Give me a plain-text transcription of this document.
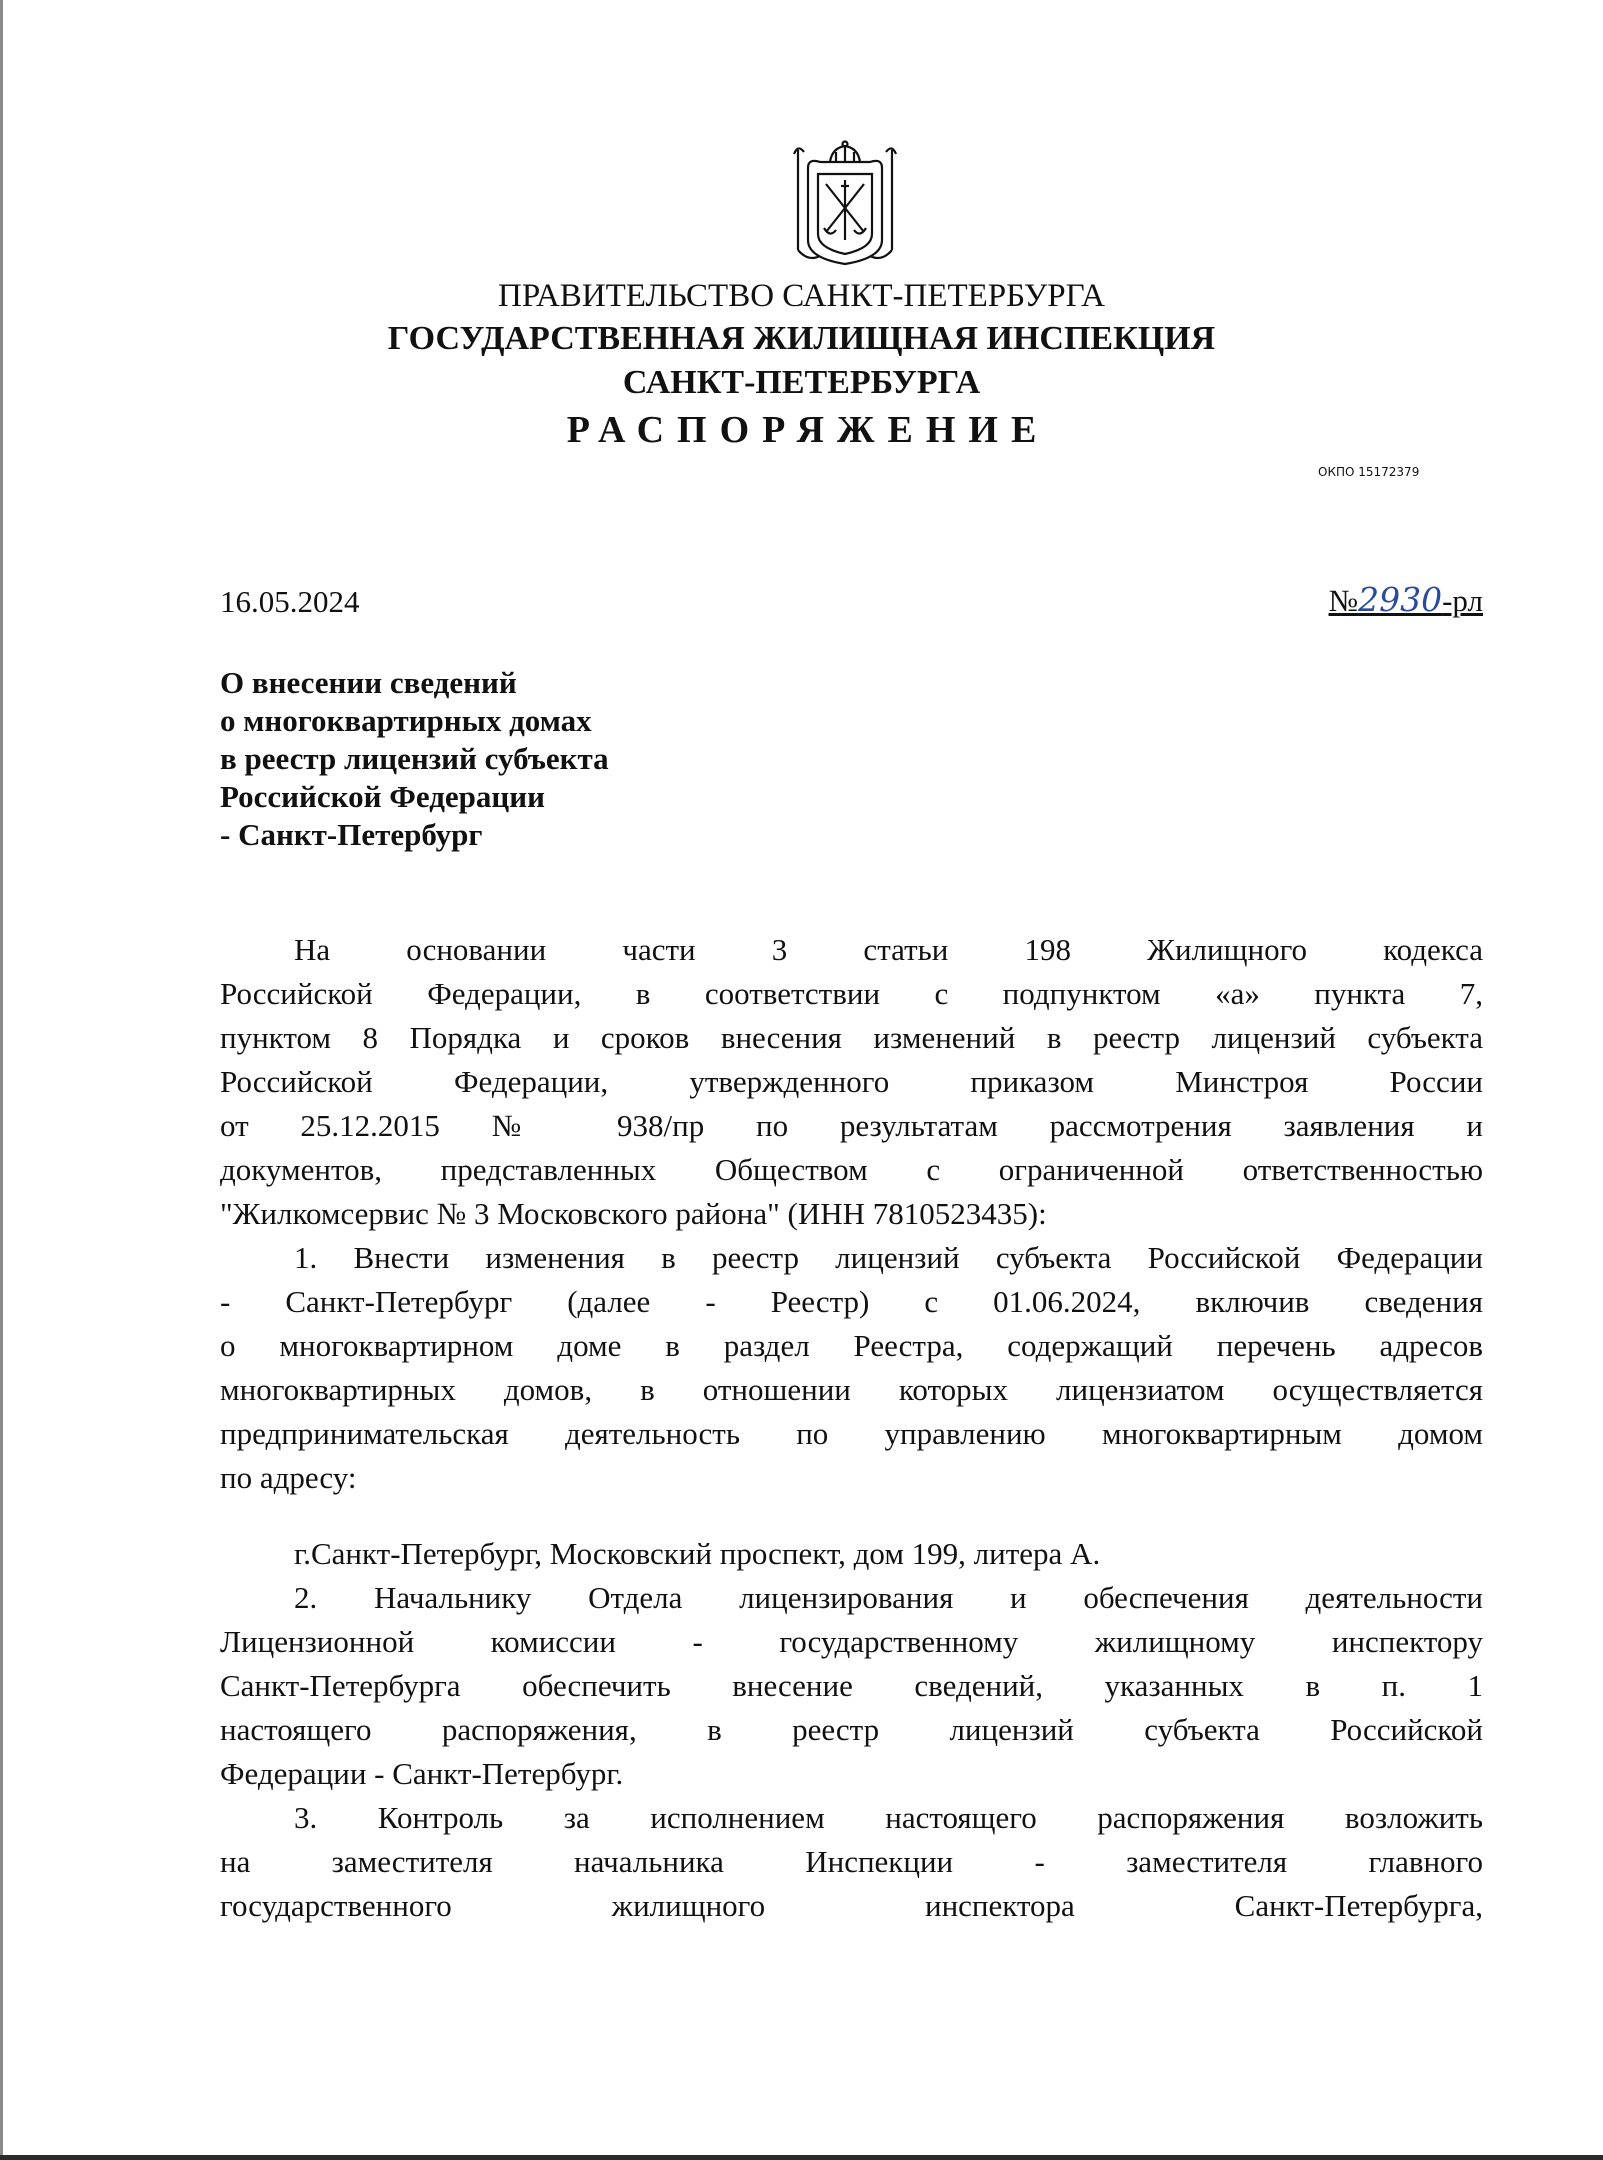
ПРАВИТЕЛЬСТВО САНКТ-ПЕТЕРБУРГА
ГОСУДАРСТВЕННАЯ ЖИЛИЩНАЯ ИНСПЕКЦИЯ
САНКТ-ПЕТЕРБУРГА
РАСПОРЯЖЕНИЕ
ОКПО 15172379
16.05.2024	№2930-рл
О внесении сведений
о многоквартирных домах
в реестр лицензий субъекта
Российской Федерации
- Санкт-Петербург
На основании части 3 статьи 198 Жилищного кодекса
Российской Федерации, в соответствии с подпунктом «а» пункта 7,
пунктом 8 Порядка и сроков внесения изменений в реестр лицензий субъекта
Российской Федерации, утвержденного приказом Минстроя России
от 25.12.2015 № 938/пр по результатам рассмотрения заявления и
документов, представленных Обществом с ограниченной ответственностью
"Жилкомсервис № 3 Московского района" (ИНН 7810523435):
1. Внести изменения в реестр лицензий субъекта Российской Федерации
- Санкт-Петербург (далее - Реестр) с 01.06.2024, включив сведения
о многоквартирном доме в раздел Реестра, содержащий перечень адресов
многоквартирных домов, в отношении которых лицензиатом осуществляется
предпринимательская деятельность по управлению многоквартирным домом
по адресу:
г.Санкт-Петербург, Московский проспект, дом 199, литера А.
2. Начальнику Отдела лицензирования и обеспечения деятельности
Лицензионной комиссии - государственному жилищному инспектору
Санкт-Петербурга обеспечить внесение сведений, указанных в п. 1
настоящего распоряжения, в реестр лицензий субъекта Российской
Федерации - Санкт-Петербург.
3. Контроль за исполнением настоящего распоряжения возложить
на заместителя начальника Инспекции - заместителя главного
государственного жилищного инспектора Санкт-Петербурга,
